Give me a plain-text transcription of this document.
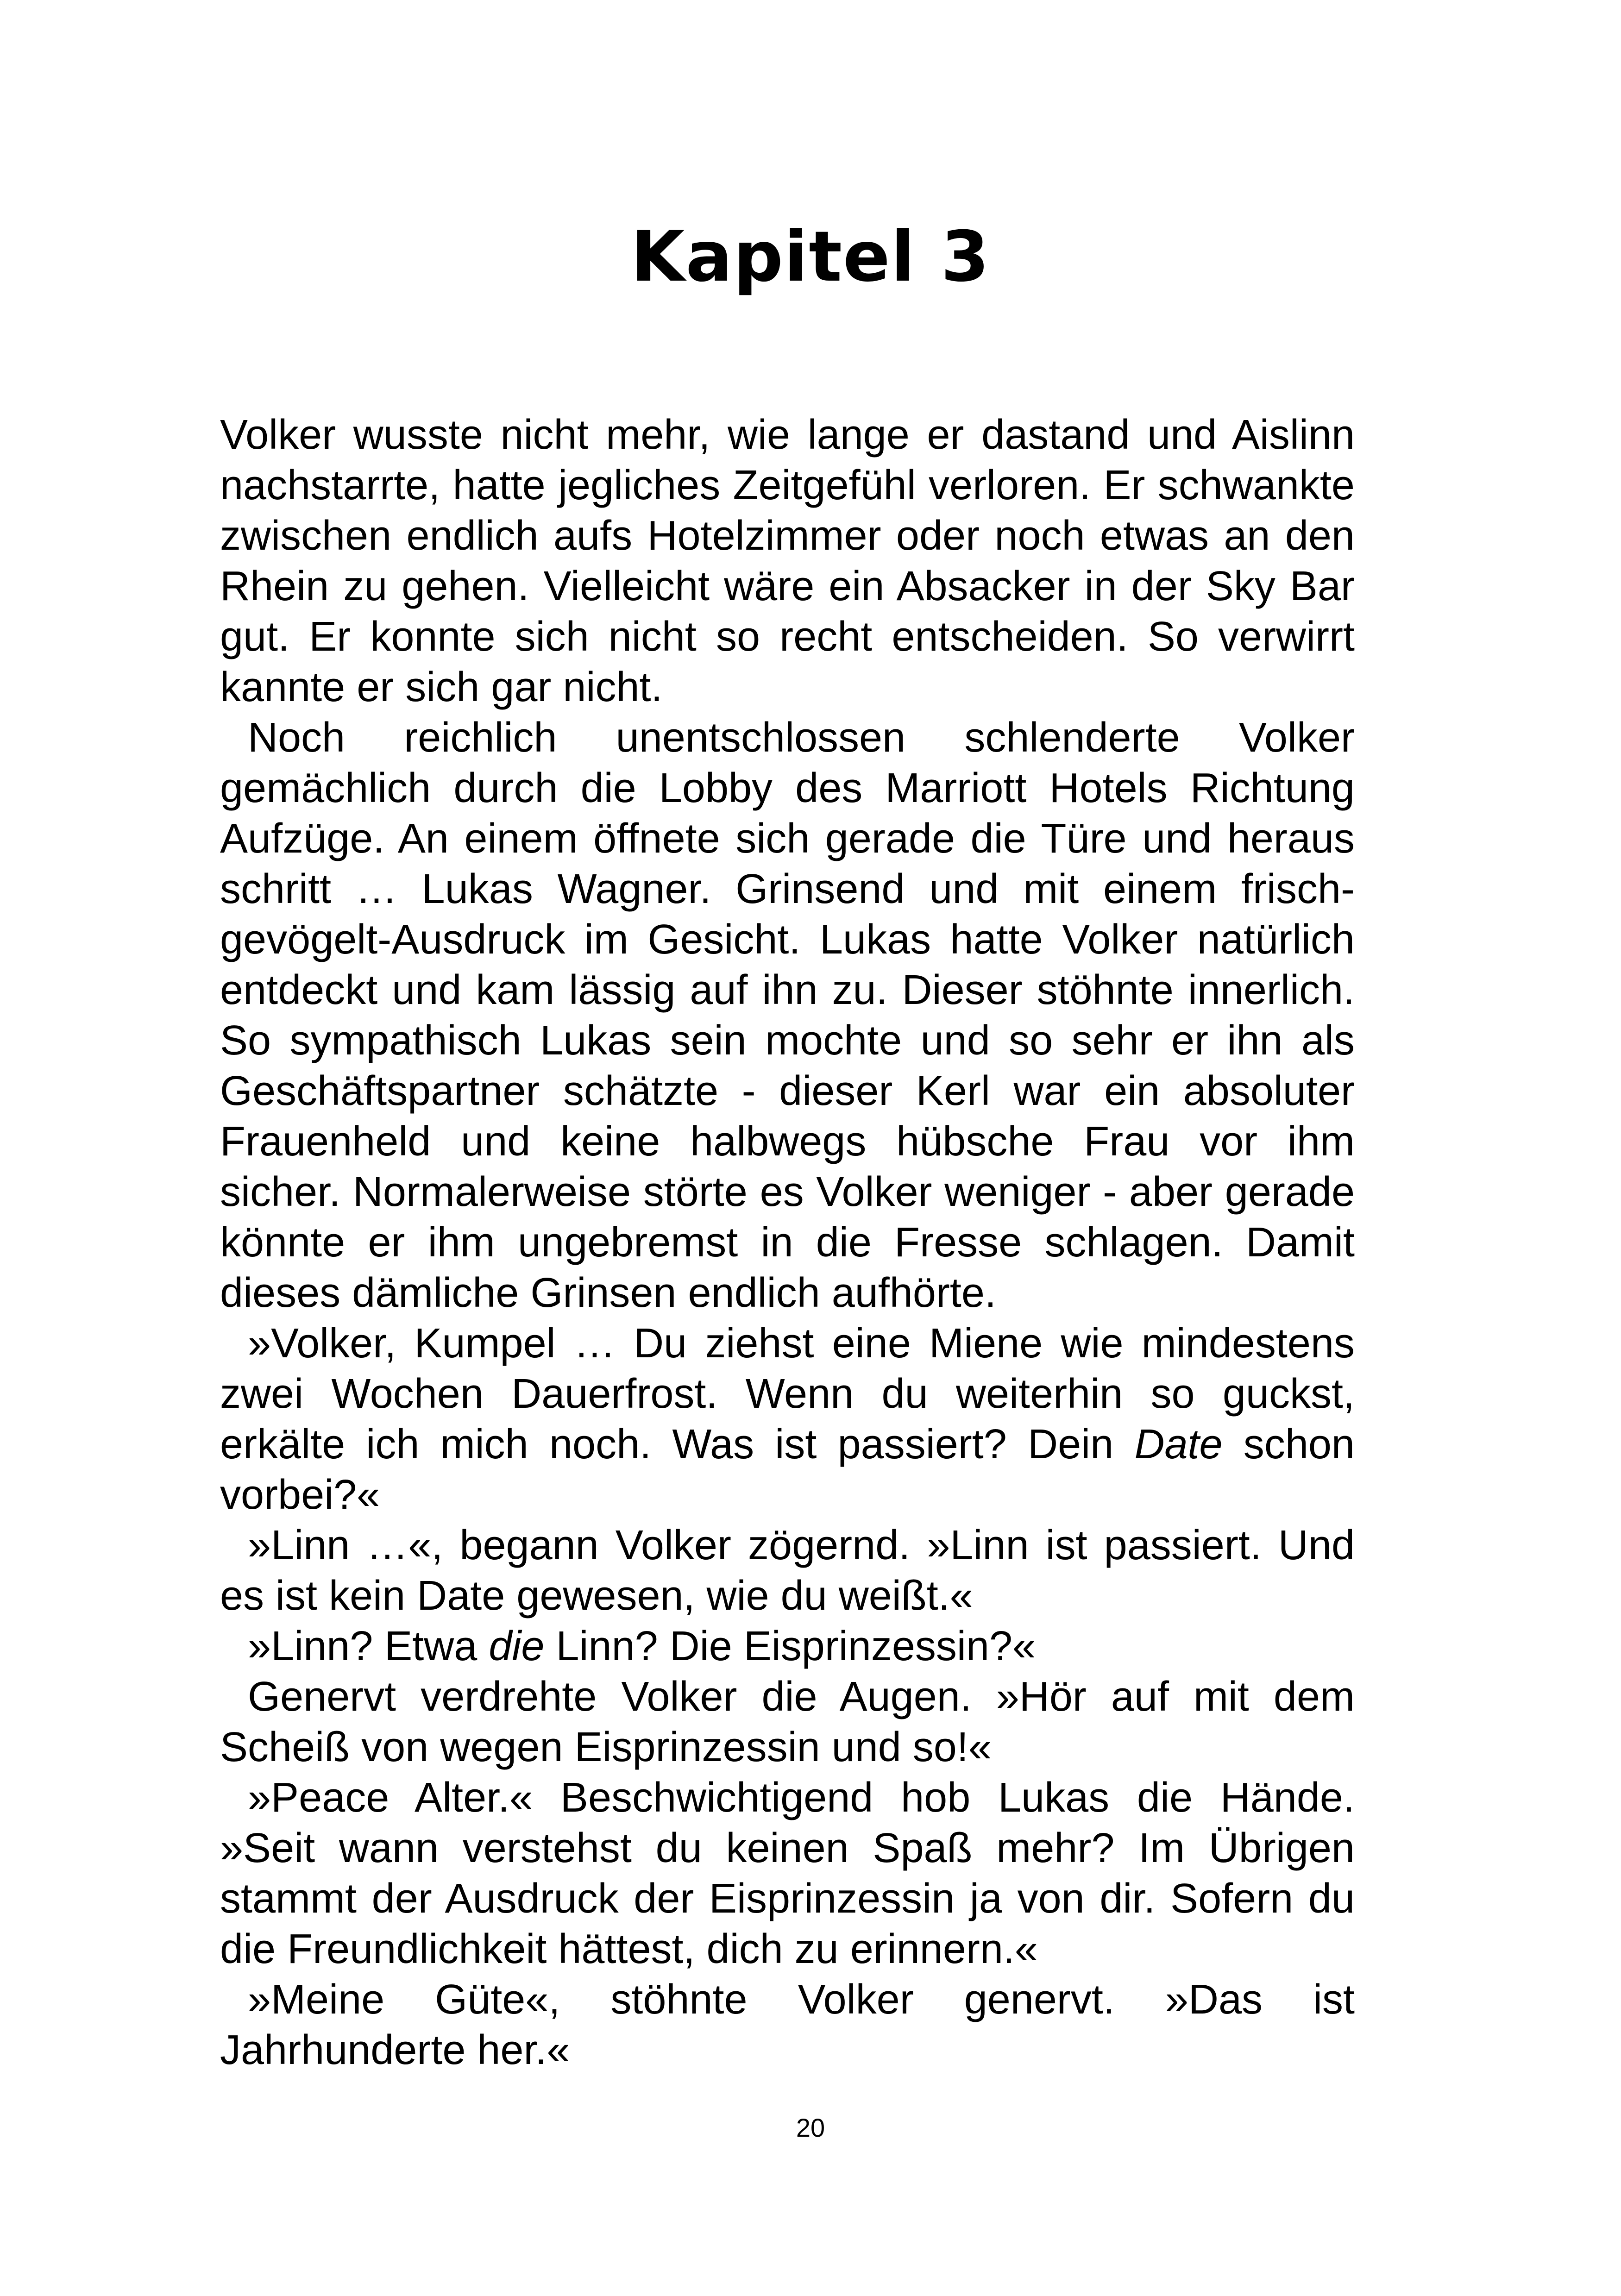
Kapitel 3

Volker wusste nicht mehr, wie lange er dastand und Aislinn nachstarrte, hatte jegliches Zeitgefühl verloren. Er schwankte zwischen endlich aufs Hotelzimmer oder noch etwas an den Rhein zu gehen. Vielleicht wäre ein Absacker in der Sky Bar gut. Er konnte sich nicht so recht entscheiden. So verwirrt kannte er sich gar nicht.

Noch reichlich unentschlossen schlenderte Volker gemächlich durch die Lobby des Marriott Hotels Richtung Aufzüge. An einem öffnete sich gerade die Türe und heraus schritt … Lukas Wagner. Grinsend und mit einem frisch-gevögelt-Ausdruck im Gesicht. Lukas hatte Volker natürlich entdeckt und kam lässig auf ihn zu. Dieser stöhnte innerlich. So sympathisch Lukas sein mochte und so sehr er ihn als Geschäftspartner schätzte - dieser Kerl war ein absoluter Frauenheld und keine halbwegs hübsche Frau vor ihm sicher. Normalerweise störte es Volker weniger - aber gerade könnte er ihm ungebremst in die Fresse schlagen. Damit dieses dämliche Grinsen endlich aufhörte.

»Volker, Kumpel … Du ziehst eine Miene wie mindestens zwei Wochen Dauerfrost. Wenn du weiterhin so guckst, erkälte ich mich noch. Was ist passiert? Dein Date schon vorbei?«

»Linn …«, begann Volker zögernd. »Linn ist passiert. Und es ist kein Date gewesen, wie du weißt.«

»Linn? Etwa die Linn? Die Eisprinzessin?«

Genervt verdrehte Volker die Augen. »Hör auf mit dem Scheiß von wegen Eisprinzessin und so!«

»Peace Alter.« Beschwichtigend hob Lukas die Hände. »Seit wann verstehst du keinen Spaß mehr? Im Übrigen stammt der Ausdruck der Eisprinzessin ja von dir. Sofern du die Freundlichkeit hättest, dich zu erinnern.«

»Meine Güte«, stöhnte Volker genervt. »Das ist Jahrhunderte her.«

20
